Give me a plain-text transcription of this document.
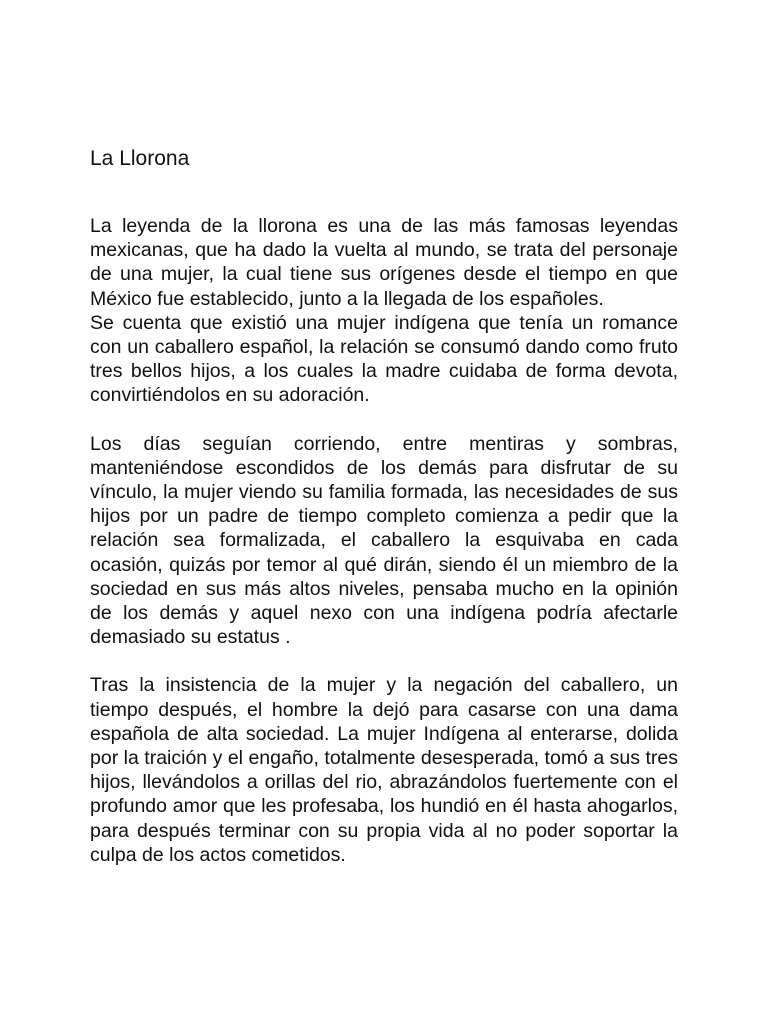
La Llorona

La leyenda de la llorona es una de las más famosas leyendas mexicanas, que ha dado la vuelta al mundo, se trata del personaje de una mujer, la cual tiene sus orígenes desde el tiempo en que México fue establecido, junto a la llegada de los españoles.

Se cuenta que existió una mujer indígena que tenía un romance con un caballero español, la relación se consumó dando como fruto tres bellos hijos, a los cuales la madre cuidaba de forma devota, convirtiéndolos en su adoración.

Los días seguían corriendo, entre mentiras y sombras, manteniéndose escondidos de los demás para disfrutar de su vínculo, la mujer viendo su familia formada, las necesidades de sus hijos por un padre de tiempo completo comienza a pedir que la relación sea formalizada, el caballero la esquivaba en cada ocasión, quizás por temor al qué dirán, siendo él un miembro de la sociedad en sus más altos niveles, pensaba mucho en la opinión de los demás y aquel nexo con una indígena podría afectarle demasiado su estatus .

Tras la insistencia de la mujer y la negación del caballero, un tiempo después, el hombre la dejó para casarse con una dama española de alta sociedad. La mujer Indígena al enterarse, dolida por la traición y el engaño, totalmente desesperada, tomó a sus tres hijos, llevándolos a orillas del rio, abrazándolos fuertemente con el profundo amor que les profesaba, los hundió en él hasta ahogarlos, para después terminar con su propia vida al no poder soportar la culpa de los actos cometidos.
